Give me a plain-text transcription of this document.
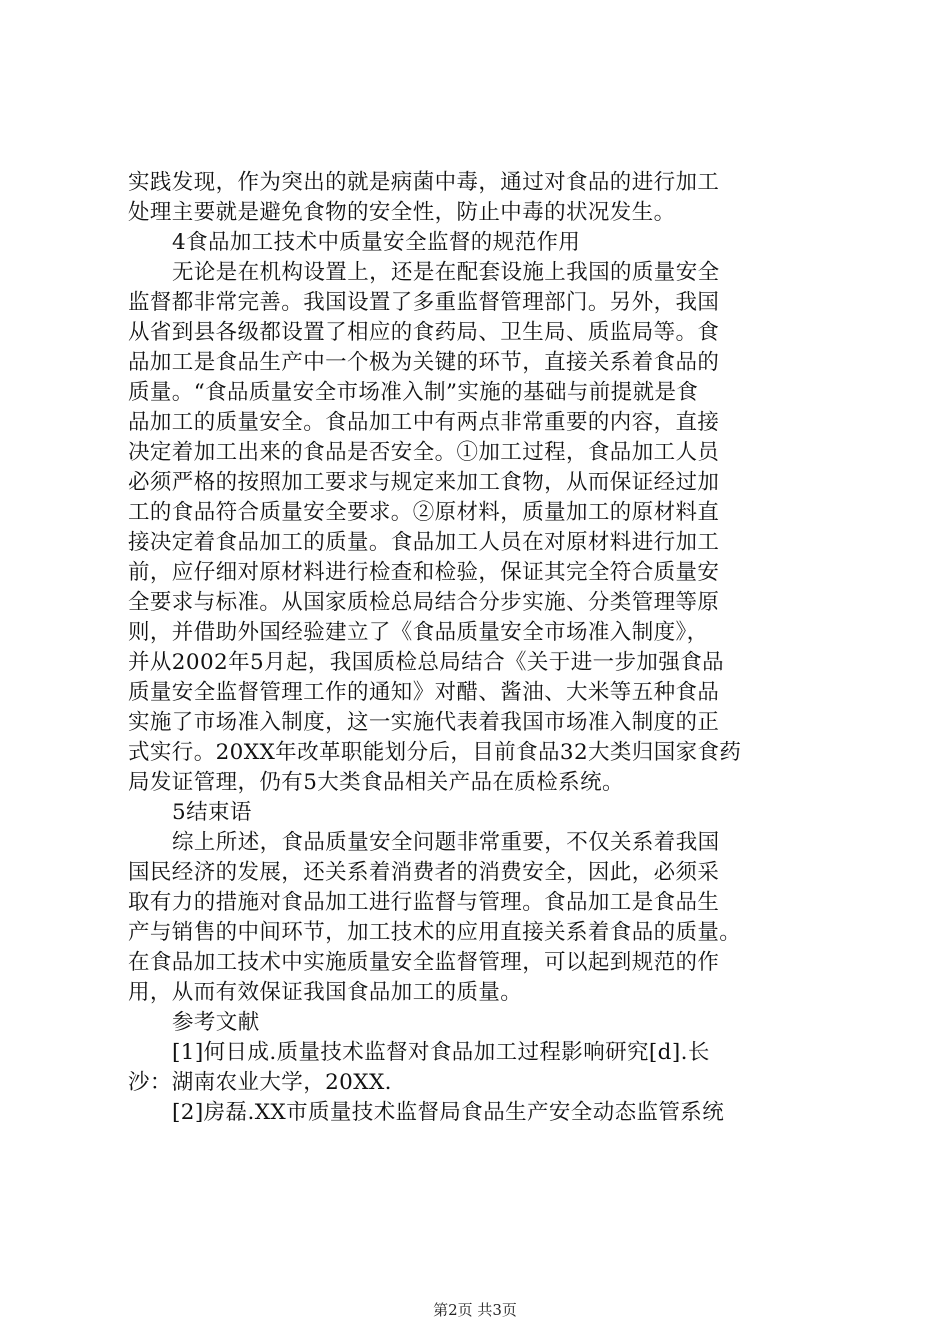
实践发现，作为突出的就是病菌中毒，通过对食品的进行加工
处理主要就是避免食物的安全性，防止中毒的状况发生。
4食品加工技术中质量安全监督的规范作用
无论是在机构设置上，还是在配套设施上我国的质量安全
监督都非常完善。我国设置了多重监督管理部门。另外，我国
从省到县各级都设置了相应的食药局、卫生局、质监局等。食
品加工是食品生产中一个极为关键的环节，直接关系着食品的
质量。“食品质量安全市场准入制”实施的基础与前提就是食
品加工的质量安全。食品加工中有两点非常重要的内容，直接
决定着加工出来的食品是否安全。①加工过程，食品加工人员
必须严格的按照加工要求与规定来加工食物，从而保证经过加
工的食品符合质量安全要求。②原材料，质量加工的原材料直
接决定着食品加工的质量。食品加工人员在对原材料进行加工
前，应仔细对原材料进行检查和检验，保证其完全符合质量安
全要求与标准。从国家质检总局结合分步实施、分类管理等原
则，并借助外国经验建立了《食品质量安全市场准入制度》，
并从2002年5月起，我国质检总局结合《关于进一步加强食品
质量安全监督管理工作的通知》对醋、酱油、大米等五种食品
实施了市场准入制度，这一实施代表着我国市场准入制度的正
式实行。20XX年改革职能划分后，目前食品32大类归国家食药
局发证管理，仍有5大类食品相关产品在质检系统。
5结束语
综上所述，食品质量安全问题非常重要，不仅关系着我国
国民经济的发展，还关系着消费者的消费安全，因此，必须采
取有力的措施对食品加工进行监督与管理。食品加工是食品生
产与销售的中间环节，加工技术的应用直接关系着食品的质量。
在食品加工技术中实施质量安全监督管理，可以起到规范的作
用，从而有效保证我国食品加工的质量。
参考文献
[1]何日成.质量技术监督对食品加工过程影响研究[d].长
沙：湖南农业大学，20XX.
[2]房磊.XX市质量技术监督局食品生产安全动态监管系统
第2页 共3页
